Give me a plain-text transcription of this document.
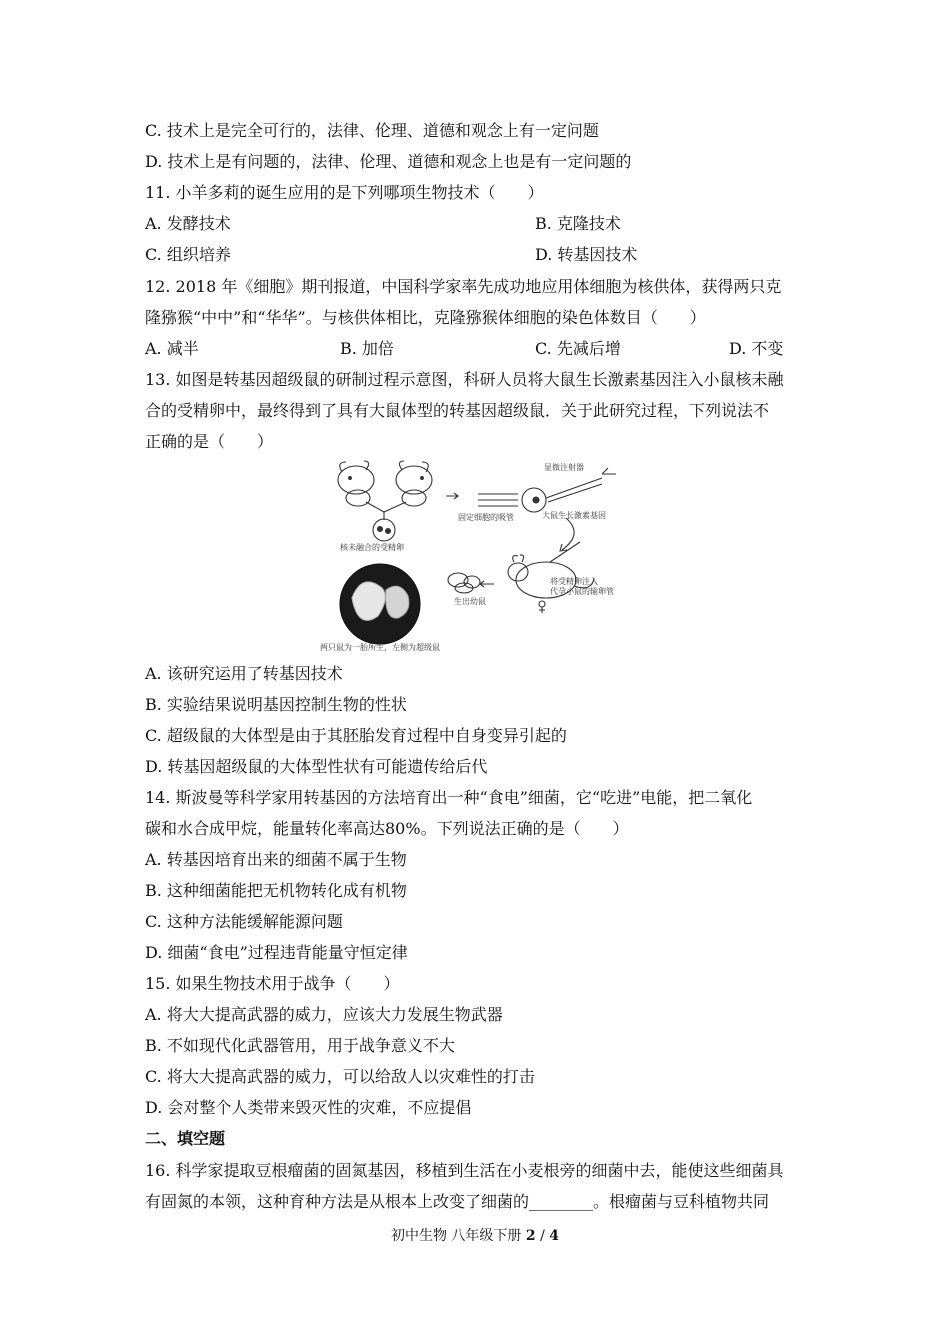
C. 技术上是完全可行的，法律、伦理、道德和观念上有一定问题
D. 技术上是有问题的，法律、伦理、道德和观念上也是有一定问题的
11. 小羊多莉的诞生应用的是下列哪项生物技术（　　）
A. 发酵技术	B. 克隆技术
C. 组织培养	D. 转基因技术
12. 2018 年《细胞》期刊报道，中国科学家率先成功地应用体细胞为核供体，获得两只克
隆猕猴“中中”和“华华”。与核供体相比，克隆猕猴体细胞的染色体数目（　　）
A. 减半	B. 加倍	C. 先减后增	D. 不变
13. 如图是转基因超级鼠的研制过程示意图，科研人员将大鼠生长激素基因注入小鼠核未融
合的受精卵中，最终得到了具有大鼠体型的转基因超级鼠．关于此研究过程，下列说法不
正确的是（　　）
核未融合的受精卵
显微注射器
固定细胞的吸管	大鼠生长激素基因
将受精卵注入
代孕小鼠的输卵管
生出幼鼠
两只鼠为一胎所生，左侧为超级鼠
A. 该研究运用了转基因技术
B. 实验结果说明基因控制生物的性状
C. 超级鼠的大体型是由于其胚胎发育过程中自身变异引起的
D. 转基因超级鼠的大体型性状有可能遗传给后代
14. 斯波曼等科学家用转基因的方法培育出一种“食电”细菌，它“吃进”电能，把二氧化
碳和水合成甲烷，能量转化率高达80%。下列说法正确的是（　　）
A. 转基因培育出来的细菌不属于生物
B. 这种细菌能把无机物转化成有机物
C. 这种方法能缓解能源问题
D. 细菌“食电”过程违背能量守恒定律
15. 如果生物技术用于战争（　　）
A. 将大大提高武器的威力，应该大力发展生物武器
B. 不如现代化武器管用，用于战争意义不大
C. 将大大提高武器的威力，可以给敌人以灾难性的打击
D. 会对整个人类带来毁灭性的灾难，不应提倡
二、填空题
16. 科学家提取豆根瘤菌的固氮基因，移植到生活在小麦根旁的细菌中去，能使这些细菌具
有固氮的本领，这种育种方法是从根本上改变了细菌的________。根瘤菌与豆科植物共同
初中生物 八年级下册 2 / 4
